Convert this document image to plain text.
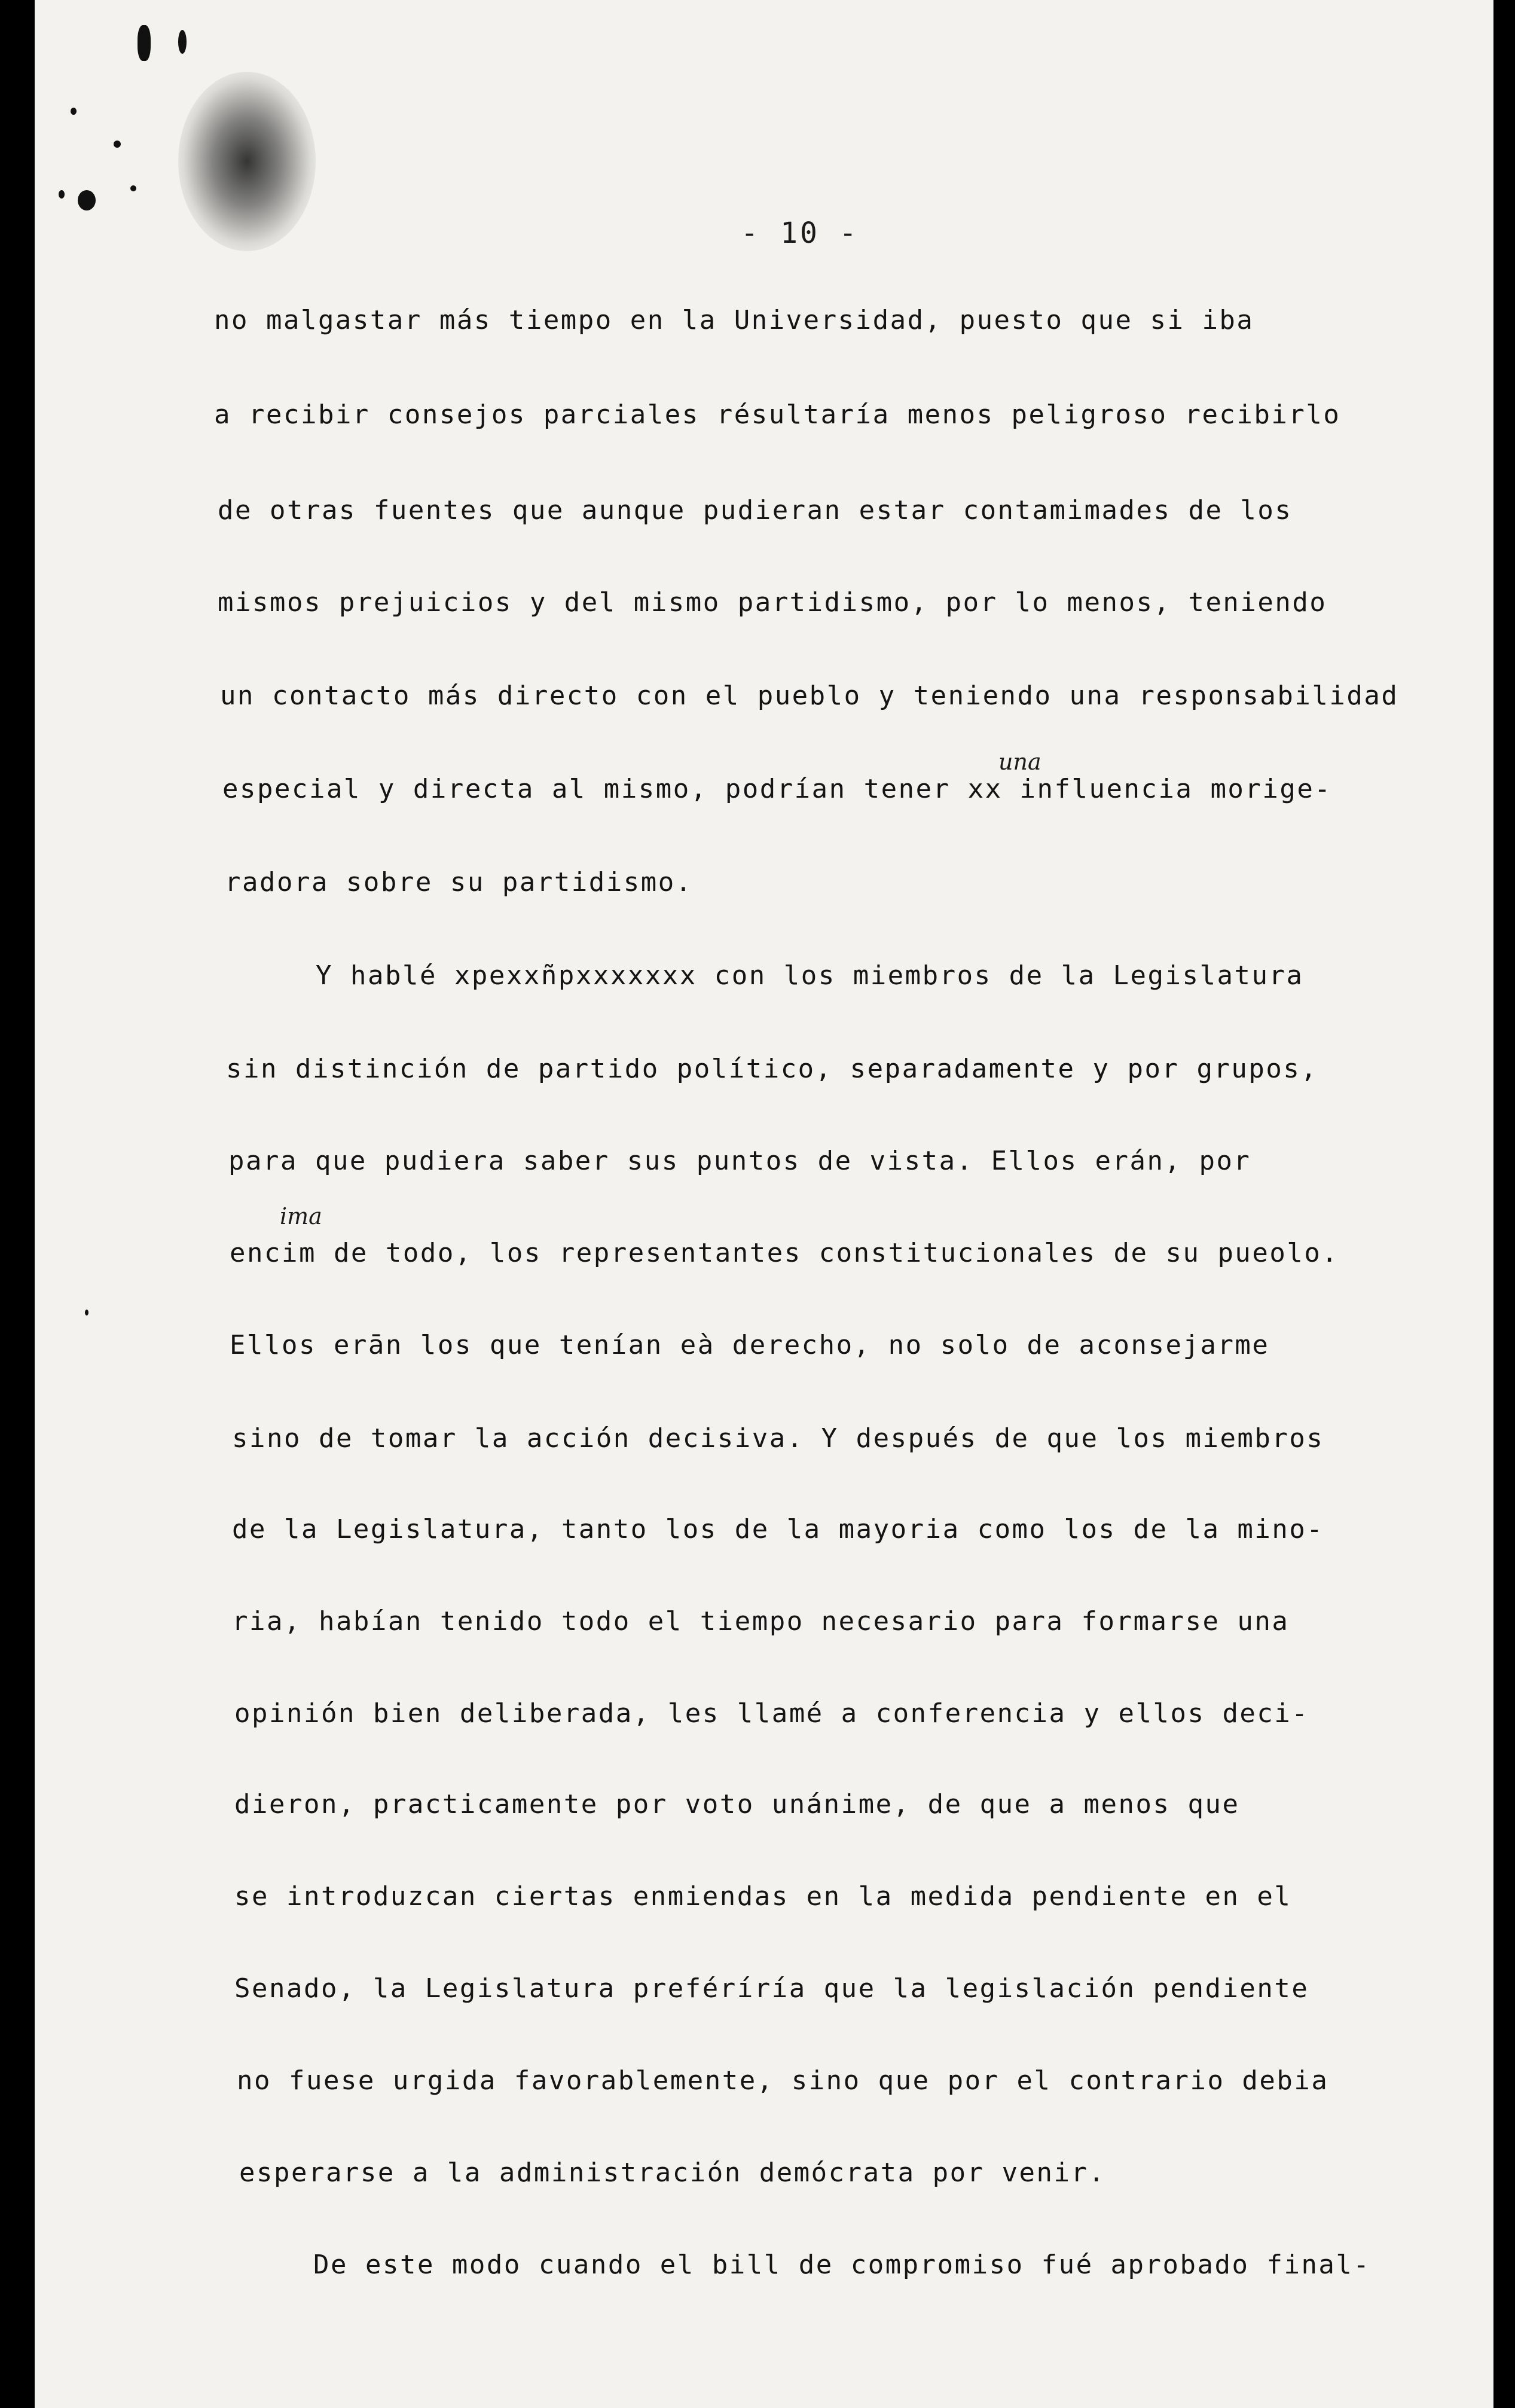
- 10 -
no malgastar más tiempo en la Universidad, puesto que si iba
a recibir consejos parciales résultaría menos peligroso recibirlo
de otras fuentes que aunque pudieran estar contamimades de los
mismos prejuicios y del mismo partidismo, por lo menos, teniendo
un contacto más directo con el pueblo y teniendo una responsabilidad
una
especial y directa al mismo, podrían tener xx influencia morige-
radora sobre su partidismo.
Y hablé xpexxñpxxxxxxx con los miembros de la Legislatura
sin distinción de partido político, separadamente y por grupos,
para que pudiera saber sus puntos de vista. Ellos erán, por
ima
encim de todo, los representantes constitucionales de su pueolo.
Ellos erān los que tenían eà derecho, no solo de aconsejarme
sino de tomar la acción decisiva. Y después de que los miembros
de la Legislatura, tanto los de la mayoria como los de la mino-
ria, habían tenido todo el tiempo necesario para formarse una
opinión bien deliberada, les llamé a conferencia y ellos deci-
dieron, practicamente por voto unánime, de que a menos que
se introduzcan ciertas enmiendas en la medida pendiente en el
Senado, la Legislatura preféríría que la legislación pendiente
no fuese urgida favorablemente, sino que por el contrario debia
esperarse a la administración demócrata por venir.
De este modo cuando el bill de compromiso fué aprobado final-
